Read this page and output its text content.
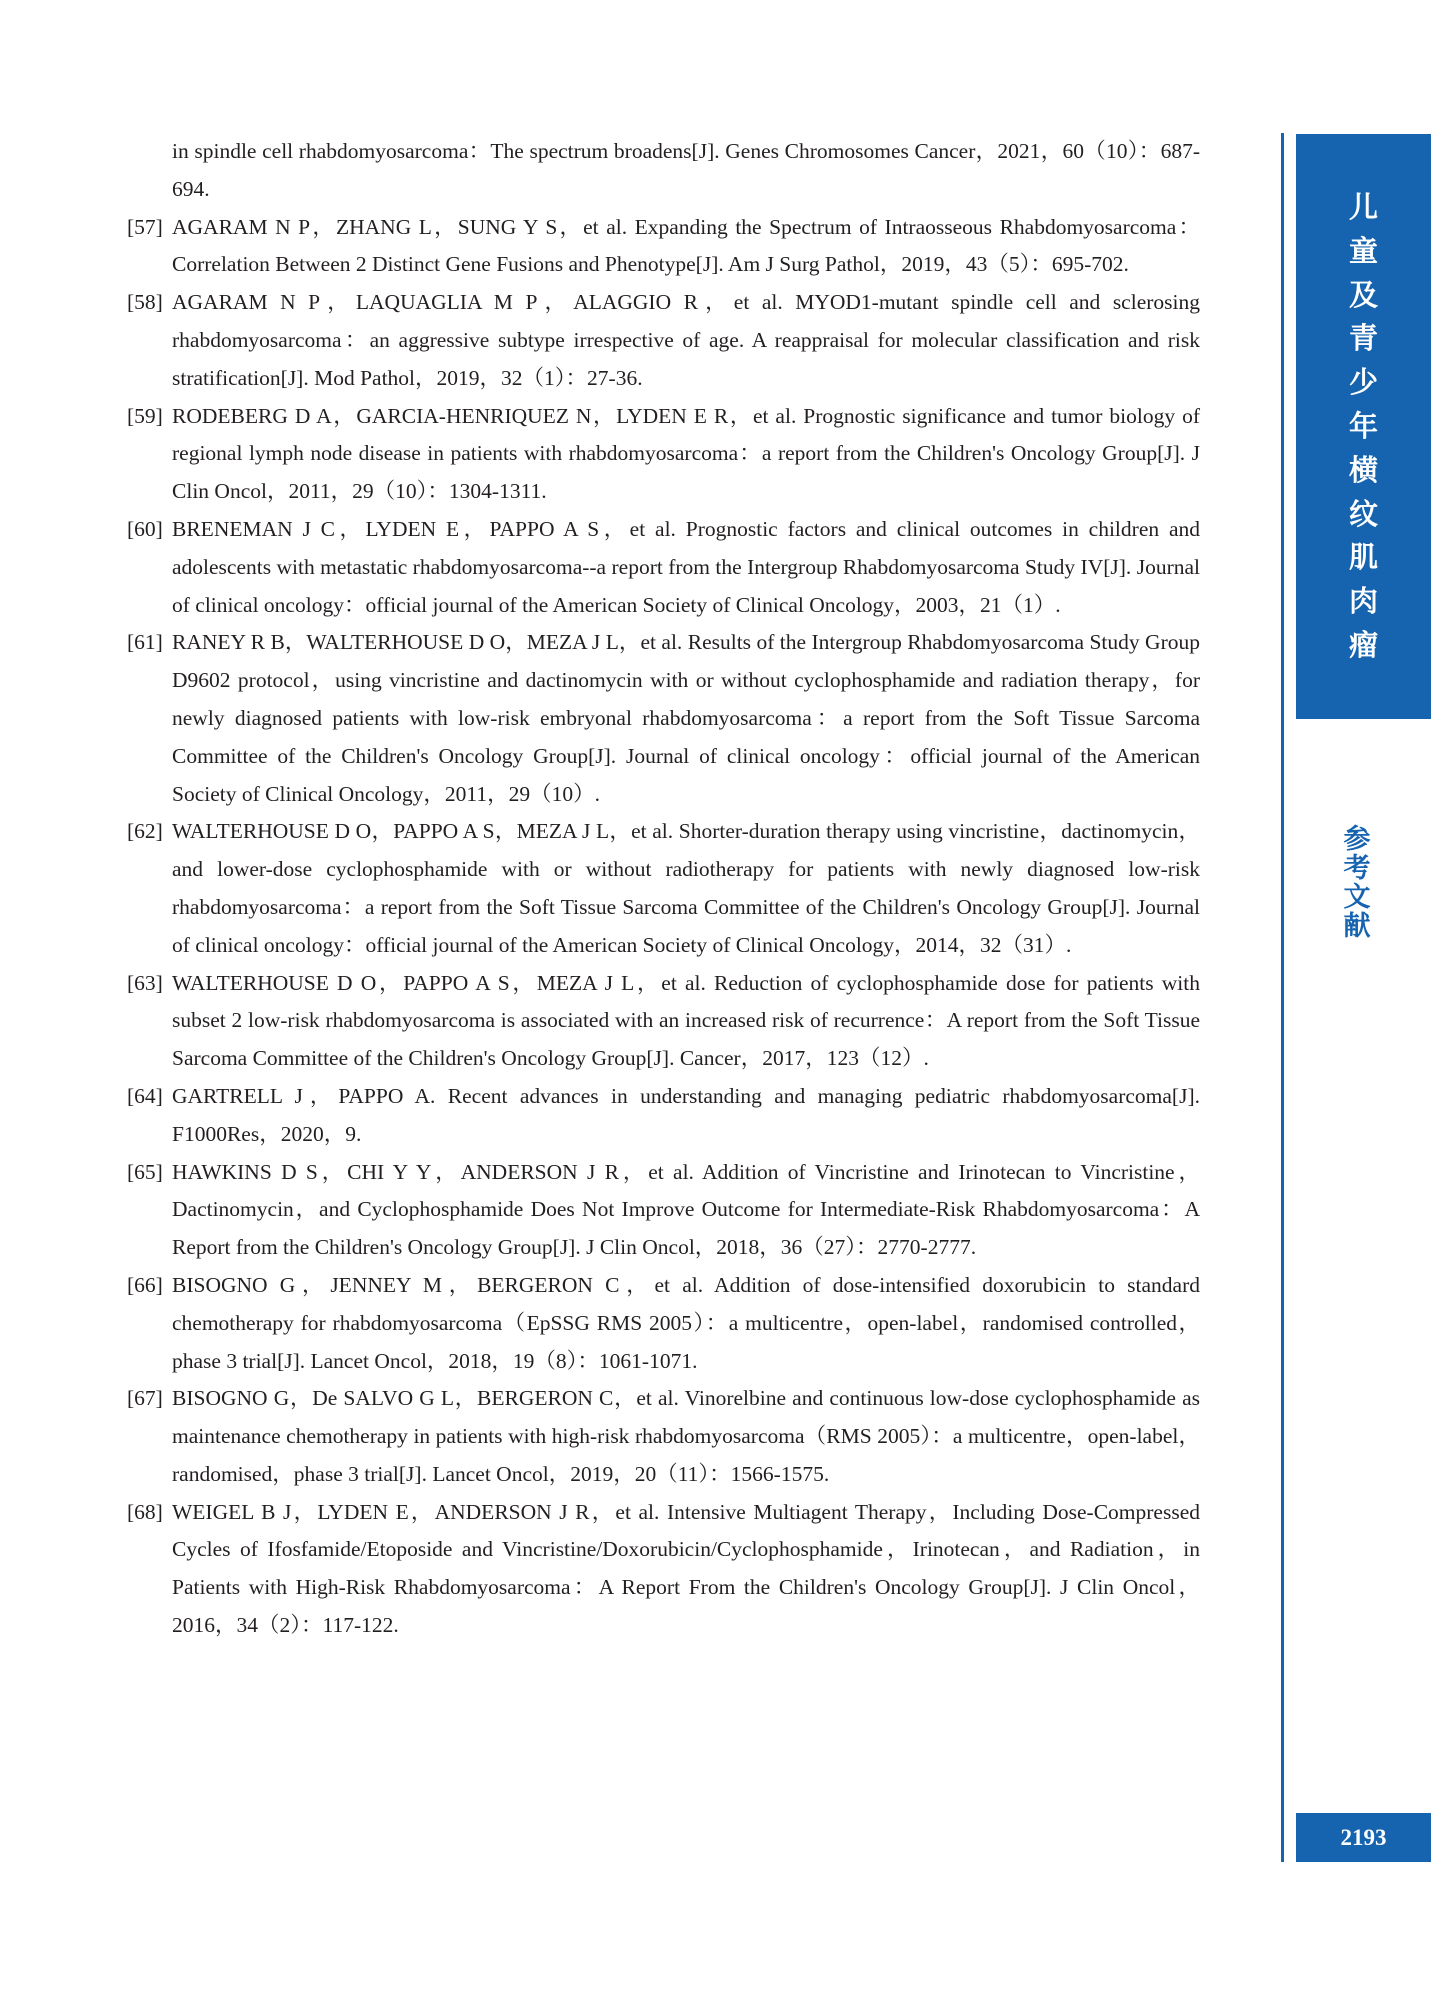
in spindle cell rhabdomyosarcoma：The spectrum broadens[J]. Genes Chromosomes Cancer，2021，60（10）：687-694.

[57] AGARAM N P，ZHANG L，SUNG Y S，et al. Expanding the Spectrum of Intraosseous Rhabdomyosarcoma：Correlation Between 2 Distinct Gene Fusions and Phenotype[J]. Am J Surg Pathol，2019，43（5）：695-702.

[58] AGARAM N P，LAQUAGLIA M P，ALAGGIO R，et al. MYOD1-mutant spindle cell and sclerosing rhabdomyosarcoma：an aggressive subtype irrespective of age. A reappraisal for molecular classification and risk stratification[J]. Mod Pathol，2019，32（1）：27-36.

[59] RODEBERG D A，GARCIA-HENRIQUEZ N，LYDEN E R，et al. Prognostic significance and tumor biology of regional lymph node disease in patients with rhabdomyosarcoma：a report from the Children's Oncology Group[J]. J Clin Oncol，2011，29（10）：1304-1311.

[60] BRENEMAN J C，LYDEN E，PAPPO A S，et al. Prognostic factors and clinical outcomes in children and adolescents with metastatic rhabdomyosarcoma--a report from the Intergroup Rhabdomyosarcoma Study IV[J]. Journal of clinical oncology：official journal of the American Society of Clinical Oncology，2003，21（1）.

[61] RANEY R B，WALTERHOUSE D O，MEZA J L，et al. Results of the Intergroup Rhabdomyosarcoma Study Group D9602 protocol，using vincristine and dactinomycin with or without cyclophosphamide and radiation therapy，for newly diagnosed patients with low-risk embryonal rhabdomyosarcoma：a report from the Soft Tissue Sarcoma Committee of the Children's Oncology Group[J]. Journal of clinical oncology：official journal of the American Society of Clinical Oncology，2011，29（10）.

[62] WALTERHOUSE D O，PAPPO A S，MEZA J L，et al. Shorter-duration therapy using vincristine，dactinomycin，and lower-dose cyclophosphamide with or without radiotherapy for patients with newly diagnosed low-risk rhabdomyosarcoma：a report from the Soft Tissue Sarcoma Committee of the Children's Oncology Group[J]. Journal of clinical oncology：official journal of the American Society of Clinical Oncology，2014，32（31）.

[63] WALTERHOUSE D O，PAPPO A S，MEZA J L，et al. Reduction of cyclophosphamide dose for patients with subset 2 low-risk rhabdomyosarcoma is associated with an increased risk of recurrence：A report from the Soft Tissue Sarcoma Committee of the Children's Oncology Group[J]. Cancer，2017，123（12）.

[64] GARTRELL J，PAPPO A. Recent advances in understanding and managing pediatric rhabdomyosarcoma[J]. F1000Res，2020，9.

[65] HAWKINS D S，CHI Y Y，ANDERSON J R，et al. Addition of Vincristine and Irinotecan to Vincristine，Dactinomycin，and Cyclophosphamide Does Not Improve Outcome for Intermediate-Risk Rhabdomyosarcoma：A Report from the Children's Oncology Group[J]. J Clin Oncol，2018，36（27）：2770-2777.

[66] BISOGNO G，JENNEY M，BERGERON C，et al. Addition of dose-intensified doxorubicin to standard chemotherapy for rhabdomyosarcoma（EpSSG RMS 2005）：a multicentre，open-label，randomised controlled，phase 3 trial[J]. Lancet Oncol，2018，19（8）：1061-1071.

[67] BISOGNO G，De SALVO G L，BERGERON C，et al. Vinorelbine and continuous low-dose cyclophosphamide as maintenance chemotherapy in patients with high-risk rhabdomyosarcoma（RMS 2005）：a multicentre，open-label，randomised，phase 3 trial[J]. Lancet Oncol，2019，20（11）：1566-1575.

[68] WEIGEL B J，LYDEN E，ANDERSON J R，et al. Intensive Multiagent Therapy，Including Dose-Compressed Cycles of Ifosfamide/Etoposide and Vincristine/Doxorubicin/Cyclophosphamide，Irinotecan，and Radiation，in Patients with High-Risk Rhabdomyosarcoma：A Report From the Children's Oncology Group[J]. J Clin Oncol，2016，34（2）：117-122.

儿
童
及
青
少
年
横
纹
肌
肉
瘤
参
考
文
献
2193
